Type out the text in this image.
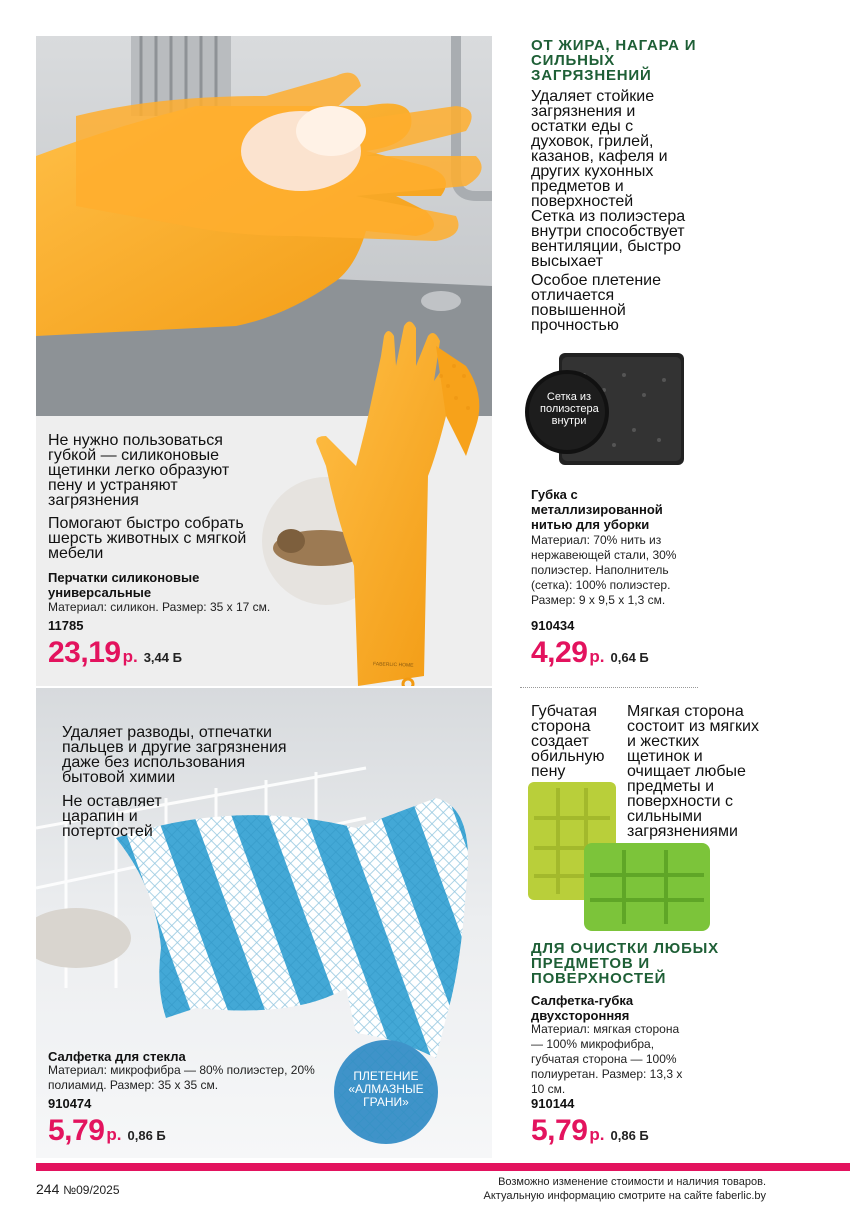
FABERLIC HOME
Не нужно пользоваться губкой — силиконовые щетинки легко образуют пену и устраняют загрязнения
Помогают быстро собрать шерсть животных с мягкой мебели
Перчатки силиконовые универсальные
Материал: силикон. Размер: 35 х 17 см.
11785
23,19 р. 3,44 Б
ОТ ЖИРА, НАГАРА И СИЛЬНЫХ ЗАГРЯЗНЕНИЙ
Удаляет стойкие загрязнения и остатки еды с духовок, грилей, казанов, кафеля и других кухонных предметов и поверхностей
Сетка из полиэстера внутри способствует вентиляции, быстро высыхает
Особое плетение отличается повышенной прочностью
Сетка из полиэстера внутри
Губка с металлизированной нитью для уборки
Материал: 70% нить из нержавеющей стали, 30% полиэстер. Наполнитель (сетка): 100% полиэстер. Размер: 9 х 9,5 х 1,3 см.
910434
4,29 р. 0,64 Б
ПЛЕТЕНИЕ «АЛМАЗНЫЕ ГРАНИ»
Удаляет разводы, отпечатки пальцев и другие загрязнения даже без использования бытовой химии
Не оставляет царапин и потертостей
Салфетка для стекла
Материал: микрофибра — 80% полиэстер, 20% полиамид. Размер: 35 х 35 см.
910474
5,79 р. 0,86 Б
Губчатая сторона создает обильную пену
Мягкая сторона состоит из мягких и жестких щетинок и очищает любые предметы и поверхности с сильными загрязнениями
ДЛЯ ОЧИСТКИ ЛЮБЫХ ПРЕДМЕТОВ И ПОВЕРХНОСТЕЙ
Салфетка-губка двухсторонняя
Материал: мягкая сторона — 100% микрофибра, губчатая сторона — 100% полиуретан. Размер: 13,3 х 10 см.
910144
5,79 р. 0,86 Б
244 №09/2025
Возможно изменение стоимости и наличия товаров.
Актуальную информацию смотрите на сайте faberlic.by
